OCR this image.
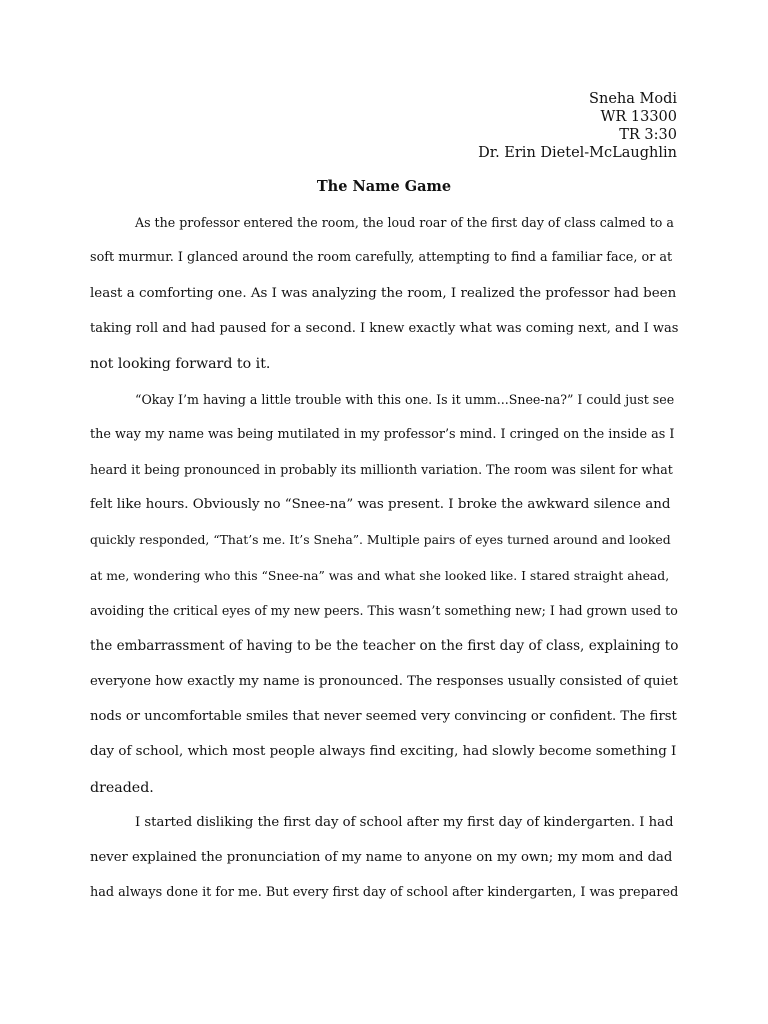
Sneha Modi
WR 13300
TR 3:30
Dr. Erin Dietel-McLaughlin
The Name Game
As the professor entered the room, the loud roar of the first day of class calmed to a
soft murmur. I glanced around the room carefully, attempting to find a familiar face, or at
least a comforting one. As I was analyzing the room, I realized the professor had been
taking roll and had paused for a second. I knew exactly what was coming next, and I was
not looking forward to it.
“Okay I’m having a little trouble with this one. Is it umm...Snee-na?” I could just see
the way my name was being mutilated in my professor’s mind. I cringed on the inside as I
heard it being pronounced in probably its millionth variation. The room was silent for what
felt like hours. Obviously no “Snee-na” was present. I broke the awkward silence and
quickly responded, “That’s me. It’s Sneha”. Multiple pairs of eyes turned around and looked
at me, wondering who this “Snee-na” was and what she looked like. I stared straight ahead,
avoiding the critical eyes of my new peers. This wasn’t something new; I had grown used to
the embarrassment of having to be the teacher on the first day of class, explaining to
everyone how exactly my name is pronounced. The responses usually consisted of quiet
nods or uncomfortable smiles that never seemed very convincing or confident. The first
day of school, which most people always find exciting, had slowly become something I
dreaded.
I started disliking the first day of school after my first day of kindergarten. I had
never explained the pronunciation of my name to anyone on my own; my mom and dad
had always done it for me. But every first day of school after kindergarten, I was prepared
